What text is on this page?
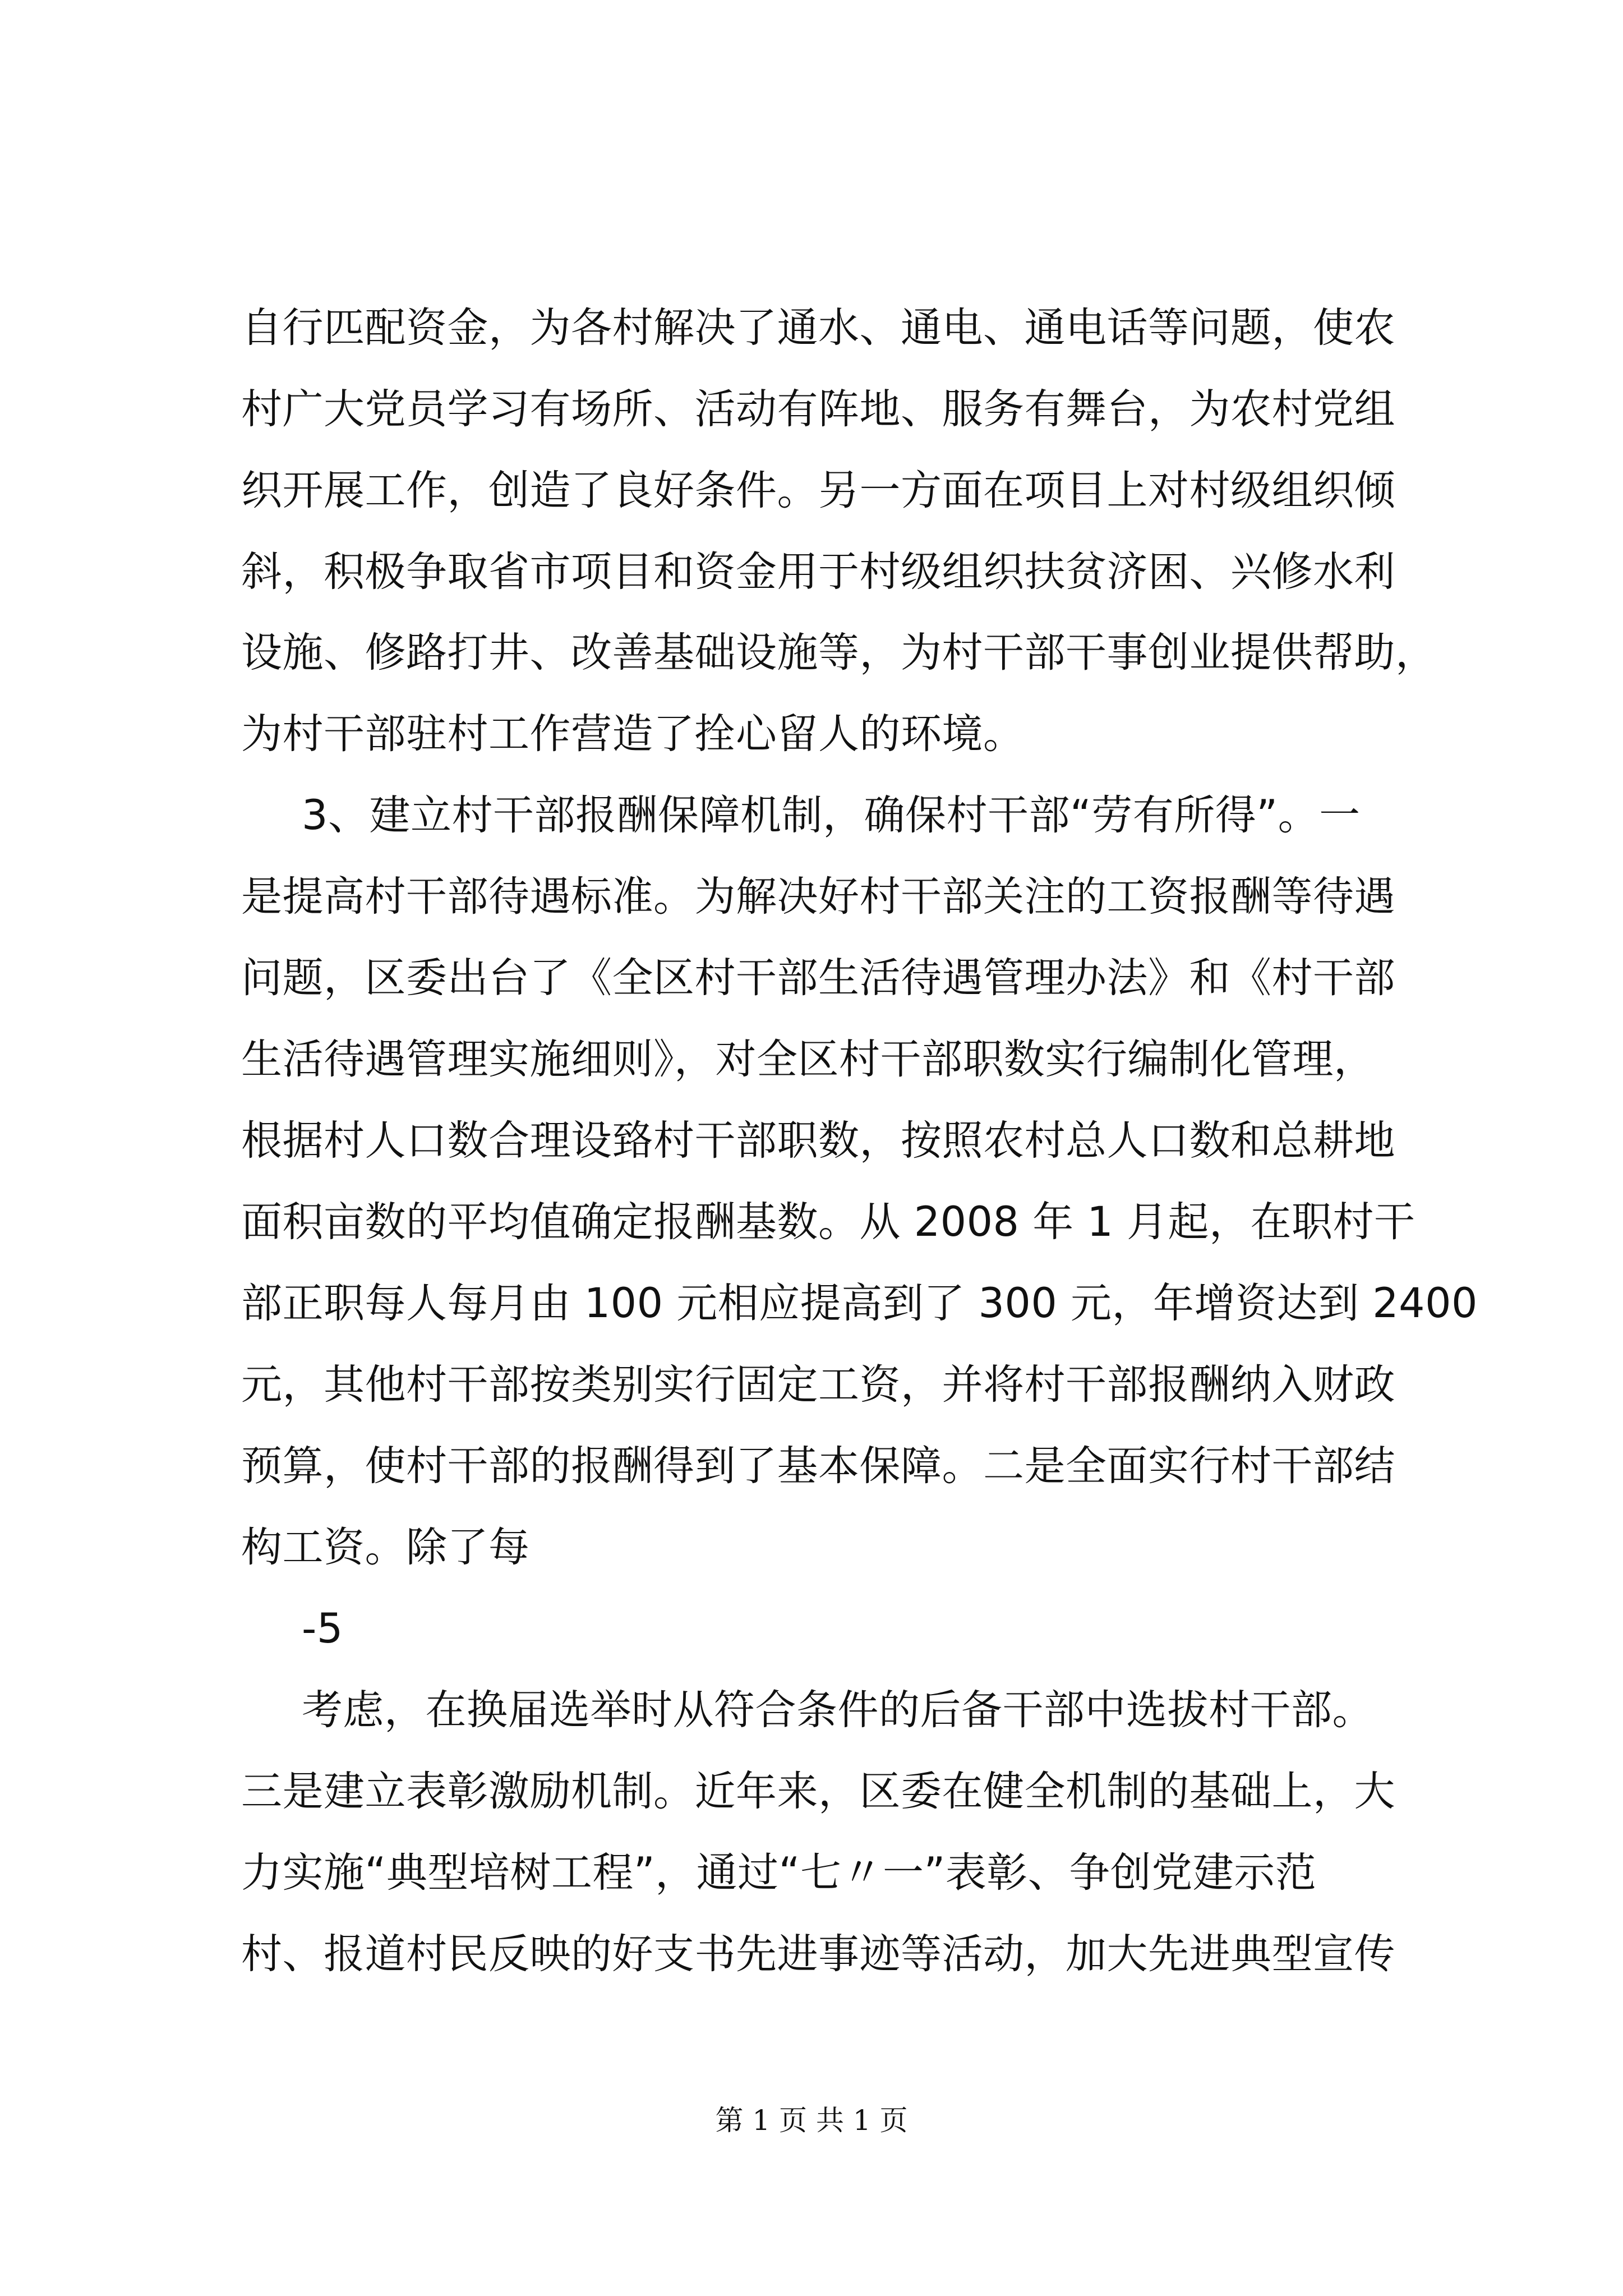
自行匹配资金，为各村解决了通水、通电、通电话等问题，使农
村广大党员学习有场所、活动有阵地、服务有舞台，为农村党组
织开展工作，创造了良好条件。另一方面在项目上对村级组织倾
斜，积极争取省市项目和资金用于村级组织扶贫济困、兴修水利
设施、修路打井、改善基础设施等，为村干部干事创业提供帮助，
为村干部驻村工作营造了拴心留人的环境。
3、建立村干部报酬保障机制，确保村干部“劳有所得”。一
是提高村干部待遇标准。为解决好村干部关注的工资报酬等待遇
问题，区委出台了《全区村干部生活待遇管理办法》和《村干部
生活待遇管理实施细则》，对全区村干部职数实行编制化管理，
根据村人口数合理设臵村干部职数，按照农村总人口数和总耕地
面积亩数的平均值确定报酬基数。从 2008 年 1 月起，在职村干
部正职每人每月由 100 元相应提高到了 300 元，年增资达到 2400
元，其他村干部按类别实行固定工资，并将村干部报酬纳入财政
预算，使村干部的报酬得到了基本保障。二是全面实行村干部结
构工资。除了每
-5
考虑，在换届选举时从符合条件的后备干部中选拔村干部。
三是建立表彰激励机制。近年来，区委在健全机制的基础上，大
力实施“典型培树工程”，通过“七〃一”表彰、争创党建示范
村、报道村民反映的好支书先进事迹等活动，加大先进典型宣传
第 1 页 共 1 页
